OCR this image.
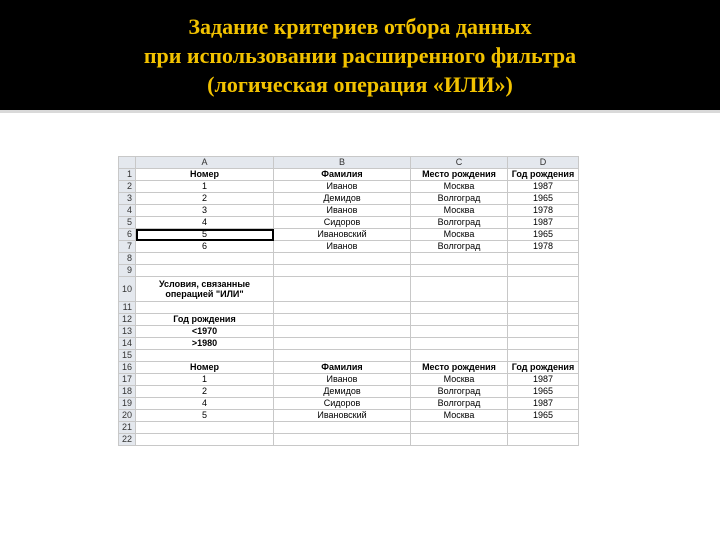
Задание критериев отбора данных
при использовании расширенного фильтра
(логическая операция «ИЛИ»)
	A	B	C	D
1	Номер	Фамилия	Место рождения	Год рождения
2	1	Иванов	Москва	1987
3	2	Демидов	Волгоград	1965
4	3	Иванов	Москва	1978
5	4	Сидоров	Волгоград	1987
6	5	Ивановский	Москва	1965
7	6	Иванов	Волгоград	1978
8				
9				
10	Условия, связанные операцией "ИЛИ"			
11				
12	Год рождения			
13	<1970			
14	>1980			
15				
16	Номер	Фамилия	Место рождения	Год рождения
17	1	Иванов	Москва	1987
18	2	Демидов	Волгоград	1965
19	4	Сидоров	Волгоград	1987
20	5	Ивановский	Москва	1965
21				
22				
